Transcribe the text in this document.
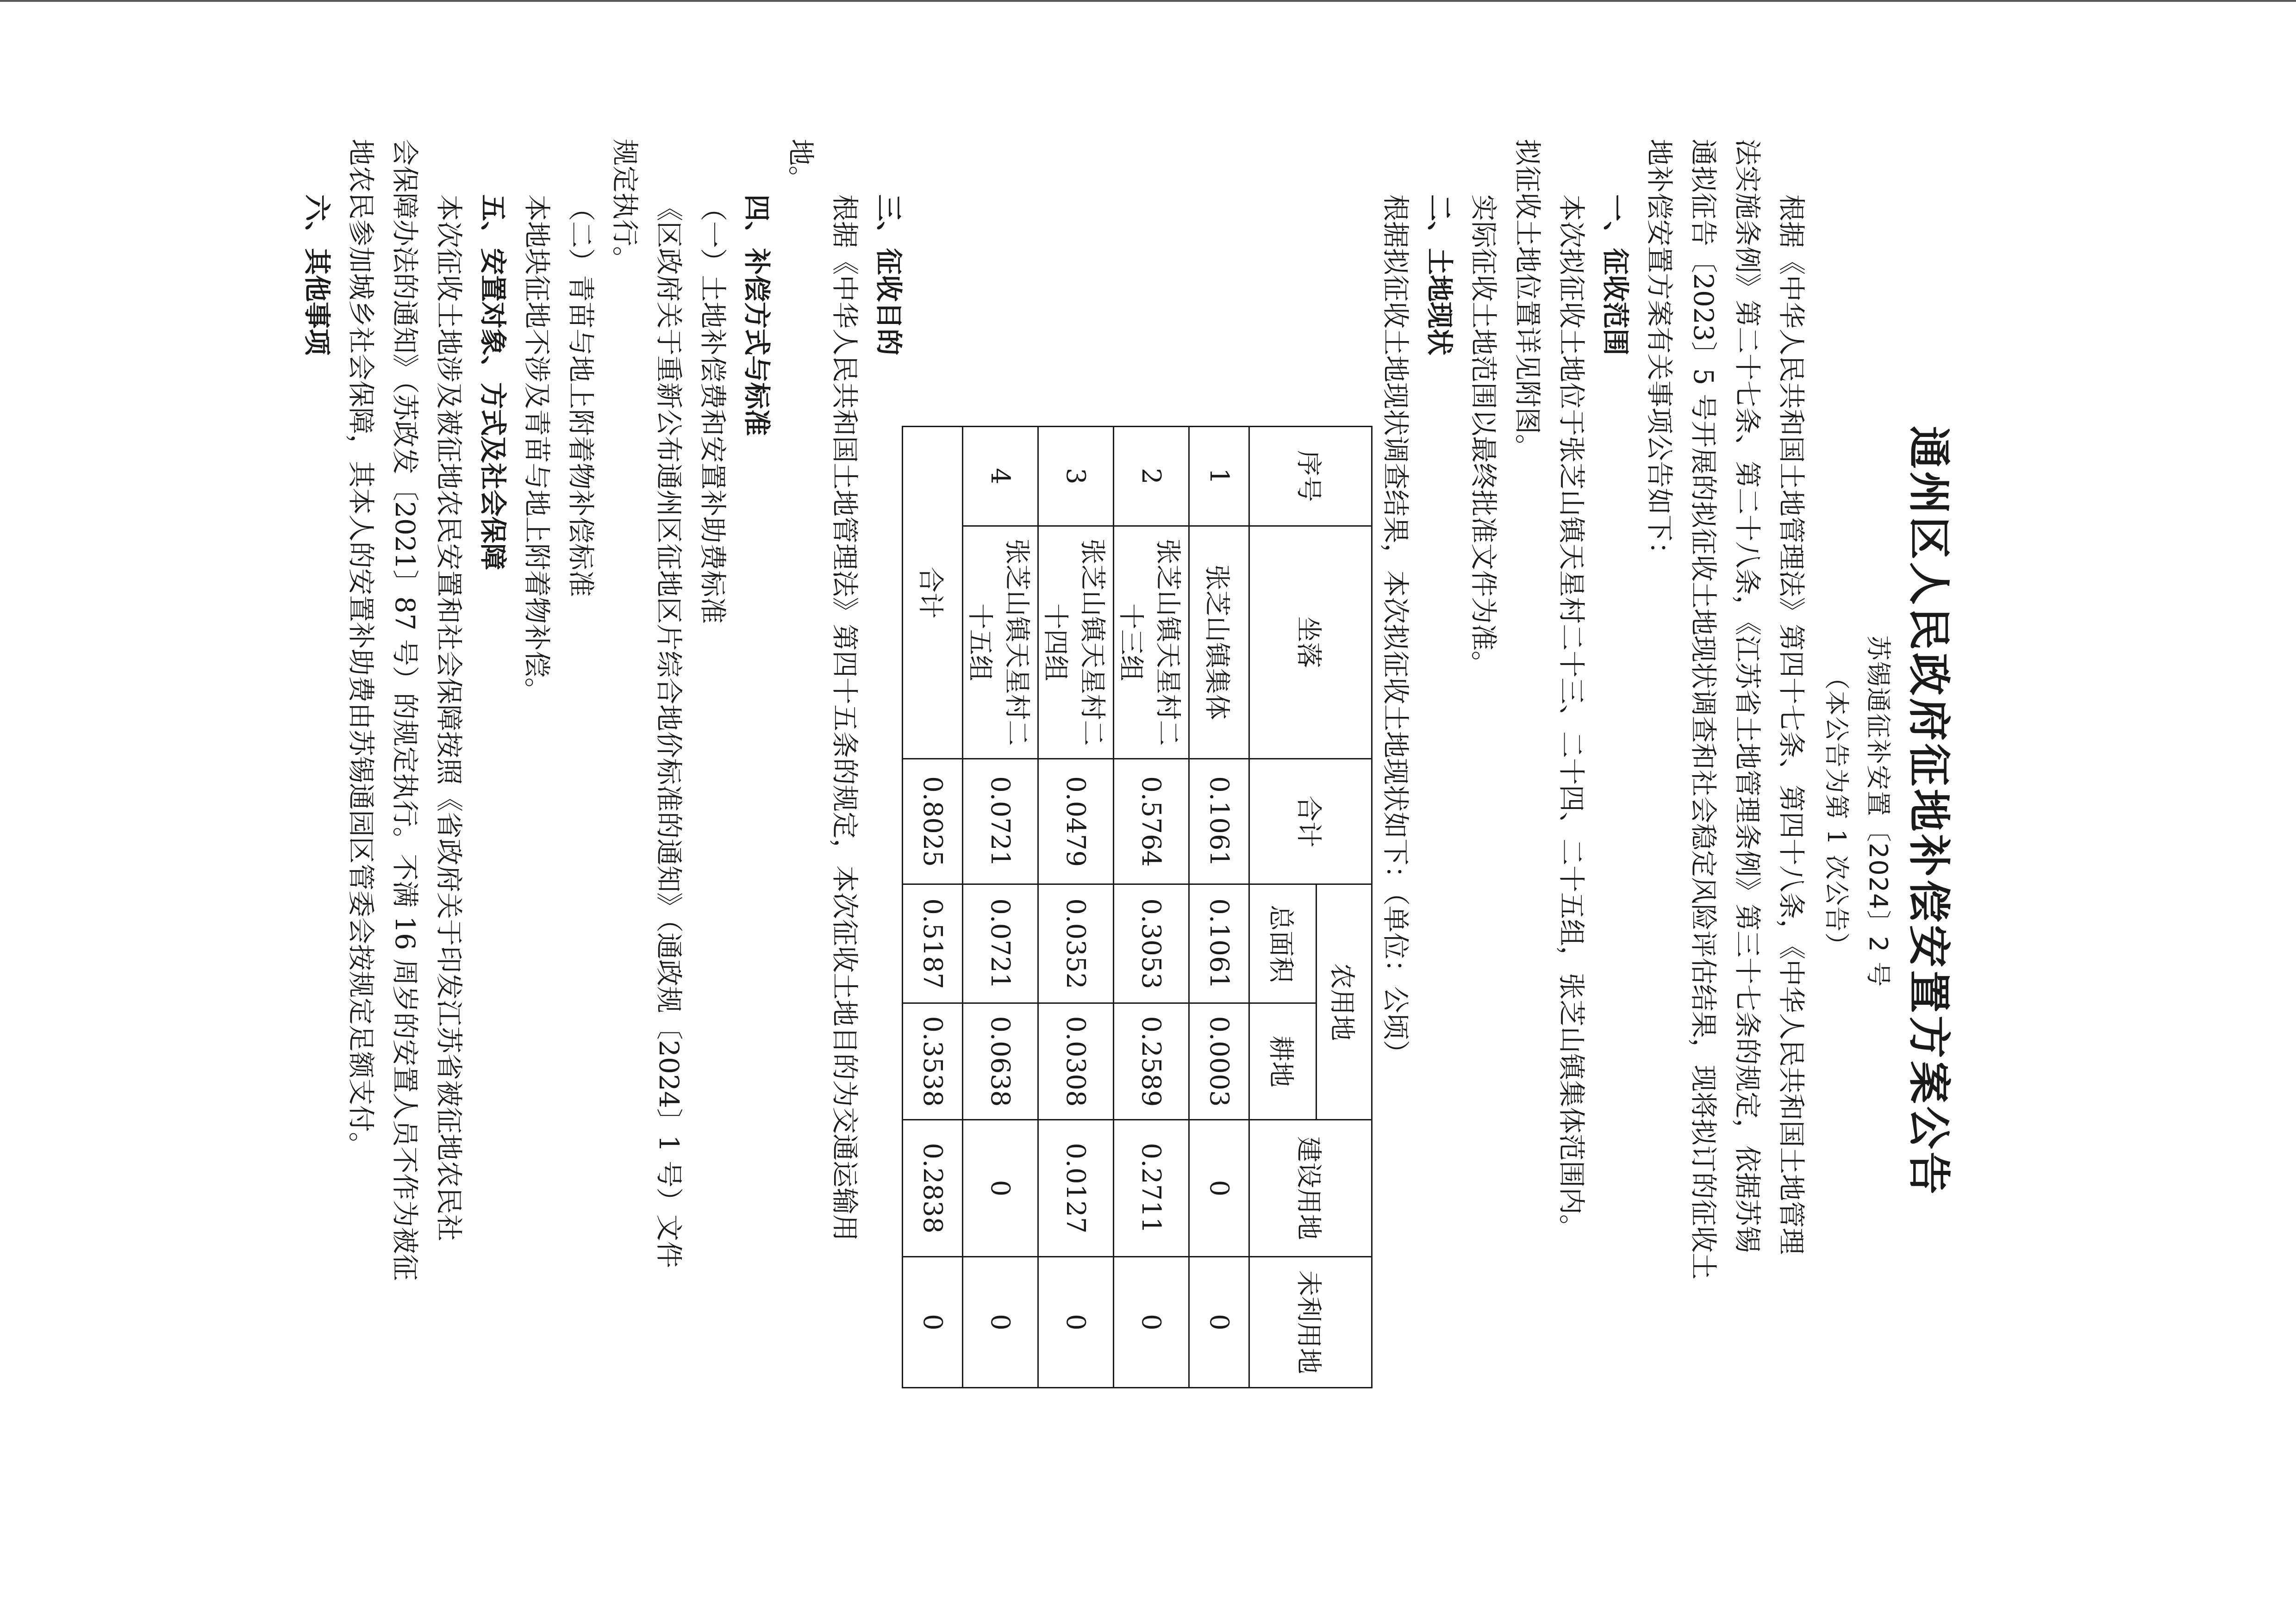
通州区人民政府征地补偿安置方案公告
苏锡通征补安置〔2024〕2 号
（本公告为第 1 次公告）
根据《中华人民共和国土地管理法》第四十七条、第四十八条，《中华人民共和国土地管理
法实施条例》第二十七条、第二十八条，《江苏省土地管理条例》第三十七条的规定，依据苏锡
通拟征告〔2023〕5 号开展的拟征收土地现状调查和社会稳定风险评估结果，现将拟订的征收土
地补偿安置方案有关事项公告如下：
一、征收范围
本次拟征收土地位于张芝山镇天星村二十三、二十四、二十五组，张芝山镇集体范围内。
拟征收土地位置详见附图。
实际征收土地范围以最终批准文件为准。
二、土地现状
根据拟征收土地现状调查结果，本次拟征收土地现状如下：（单位：公顷）
序号	坐落	合计	农用地		建设用地	未利用地
			总面积	耕地		
1	张芝山镇集体	0.1061	0.1061	0.0003	0	0
2	张芝山镇天星村二十三组	0.5764	0.3053	0.2589	0.2711	0
3	张芝山镇天星村二十四组	0.0479	0.0352	0.0308	0.0127	0
4	张芝山镇天星村二十五组	0.0721	0.0721	0.0638	0	0
合计		0.8025	0.5187	0.3538	0.2838	0
三、征收目的
根据《中华人民共和国土地管理法》第四十五条的规定，本次征收土地目的为交通运输用
地。
四、补偿方式与标准
（一）土地补偿费和安置补助费标准
《区政府关于重新公布通州区征地区片综合地价标准的通知》（通政规〔2024〕1 号）文件
规定执行。
（二）青苗与地上附着物补偿标准
本地块征地不涉及青苗与地上附着物补偿。
五、安置对象、方式及社会保障
本次征收土地涉及被征地农民安置和社会保障按照《省政府关于印发江苏省被征地农民社
会保障办法的通知》（苏政发〔2021〕87 号）的规定执行。不满 16 周岁的安置人员不作为被征
地农民参加城乡社会保障，其本人的安置补助费由苏锡通园区管委会按规定足额支付。
六、其他事项
